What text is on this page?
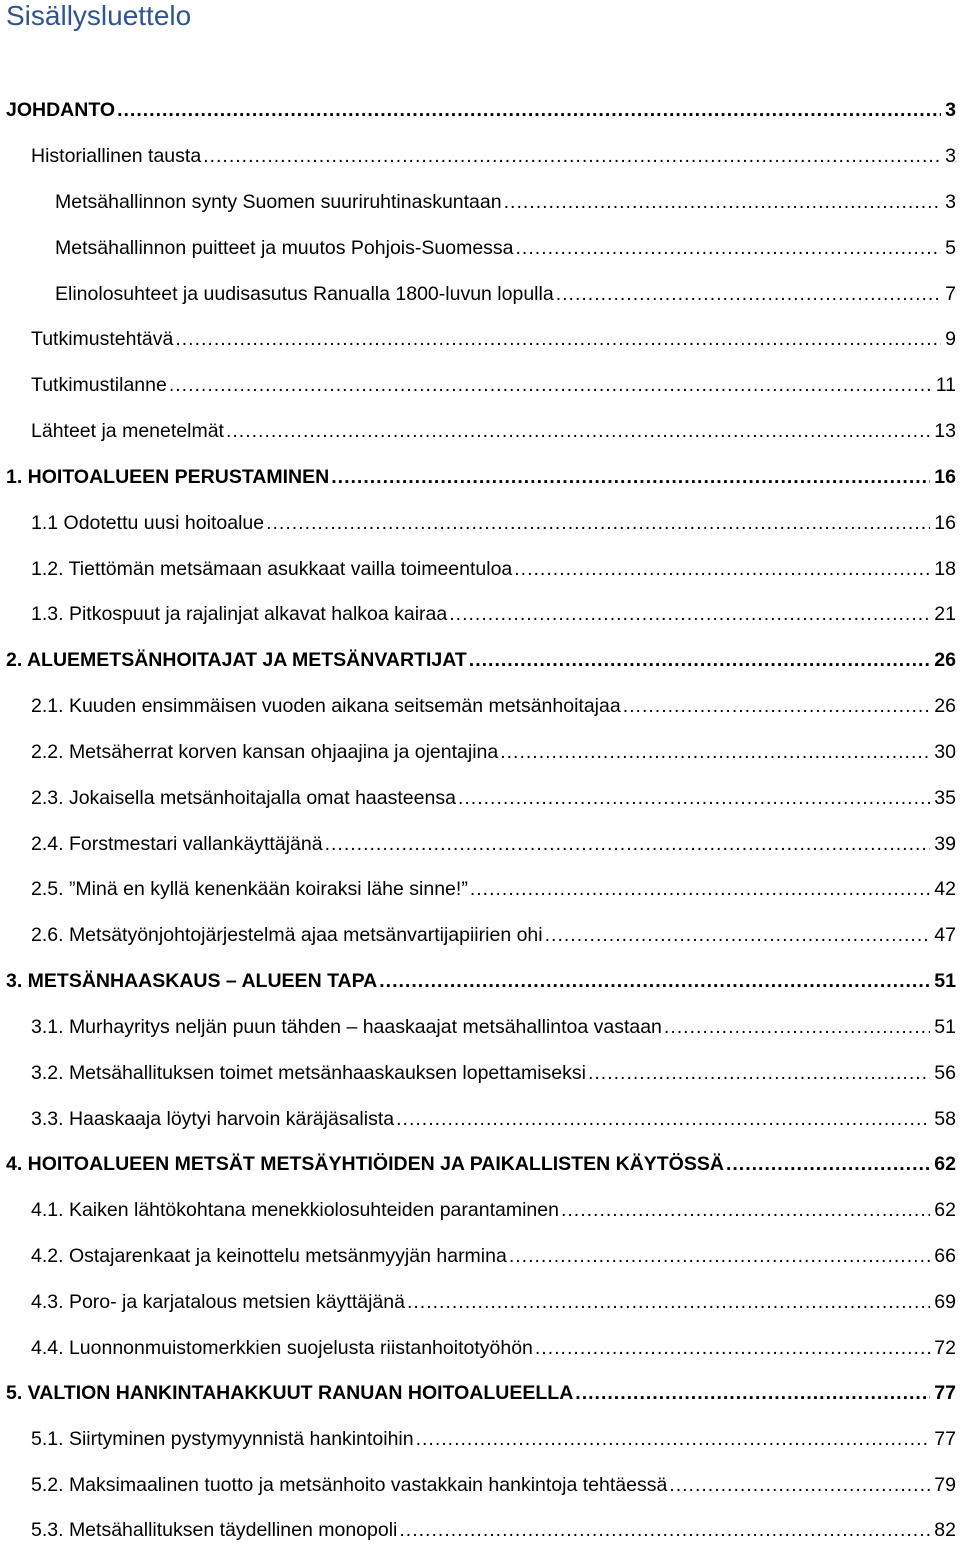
Sisällysluettelo
JOHDANTO .....	3
Historiallinen tausta .....	3
Metsähallinnon synty Suomen suuriruhtinaskuntaan .....	3
Metsähallinnon puitteet ja muutos Pohjois-Suomessa .....	5
Elinolosuhteet ja uudisasutus Ranualla 1800-luvun lopulla .....	7
Tutkimustehtävä .....	9
Tutkimustilanne .....	11
Lähteet ja menetelmät .....	13
1. HOITOALUEEN PERUSTAMINEN .....	16
1.1 Odotettu uusi hoitoalue .....	16
1.2. Tiettömän metsämaan asukkaat vailla toimeentuloa .....	18
1.3. Pitkospuut ja rajalinjat alkavat halkoa kairaa .....	21
2. ALUEMETSÄNHOITAJAT JA METSÄNVARTIJAT .....	26
2.1. Kuuden ensimmäisen vuoden aikana seitsemän metsänhoitajaa .....	26
2.2. Metsäherrat korven kansan ohjaajina ja ojentajina .....	30
2.3. Jokaisella metsänhoitajalla omat haasteensa .....	35
2.4. Forstmestari vallankäyttäjänä .....	39
2.5. ”Minä en kyllä kenenkään koiraksi lähe sinne!” .....	42
2.6. Metsätyönjohtojärjestelmä ajaa metsänvartijapiirien ohi .....	47
3. METSÄNHAASKAUS – ALUEEN TAPA .....	51
3.1. Murhayritys neljän puun tähden – haaskaajat metsähallintoa vastaan .....	51
3.2. Metsähallituksen toimet metsänhaaskauksen lopettamiseksi .....	56
3.3. Haaskaaja löytyi harvoin käräjäsalista .....	58
4. HOITOALUEEN METSÄT METSÄYHTIÖIDEN JA PAIKALLISTEN KÄYTÖSSÄ .....	62
4.1. Kaiken lähtökohtana menekkiolosuhteiden parantaminen .....	62
4.2. Ostajarenkaat ja keinottelu metsänmyyjän harmina .....	66
4.3. Poro- ja karjatalous metsien käyttäjänä .....	69
4.4. Luonnonmuistomerkkien suojelusta riistanhoitotyöhön .....	72
5. VALTION HANKINTAHAKKUUT RANUAN HOITOALUEELLA .....	77
5.1. Siirtyminen pystymyynnistä hankintoihin .....	77
5.2. Maksimaalinen tuotto ja metsänhoito vastakkain hankintoja tehtäessä .....	79
5.3. Metsähallituksen täydellinen monopoli .....	82
